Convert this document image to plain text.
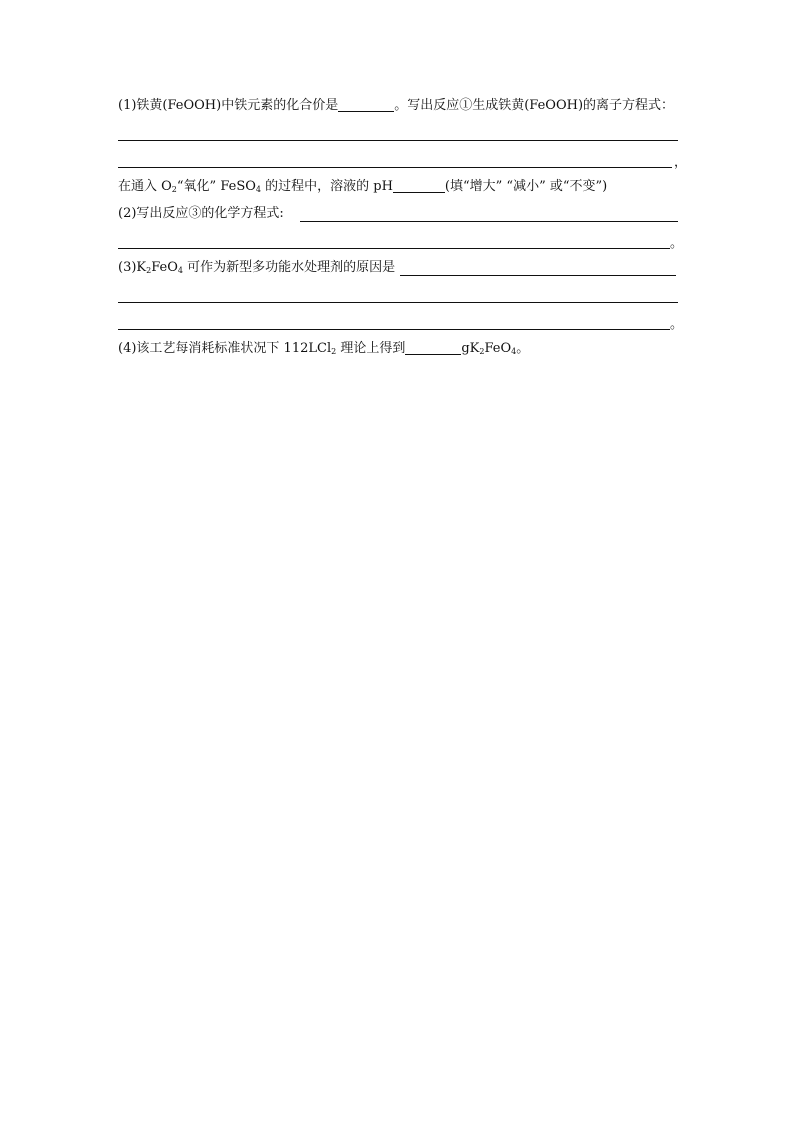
(1)铁黄(FeOOH)中铁元素的化合价是	。写出反应①生成铁黄(FeOOH)的离子方程式：
，
在通入 $O_2“$氧化” FeSO$_4$ 的过程中，溶液的 pH	(填“增大” “减小” 或“不变”)
(2)写出反应③的化学方程式:
。
$(3)K_2FeO_4$ 可作为新型多功能水处理剂的原因是
。
(4)该工艺每消耗标准状况下 112LCl$_2$ 理论上得到	$gK_2FeO_4$。
